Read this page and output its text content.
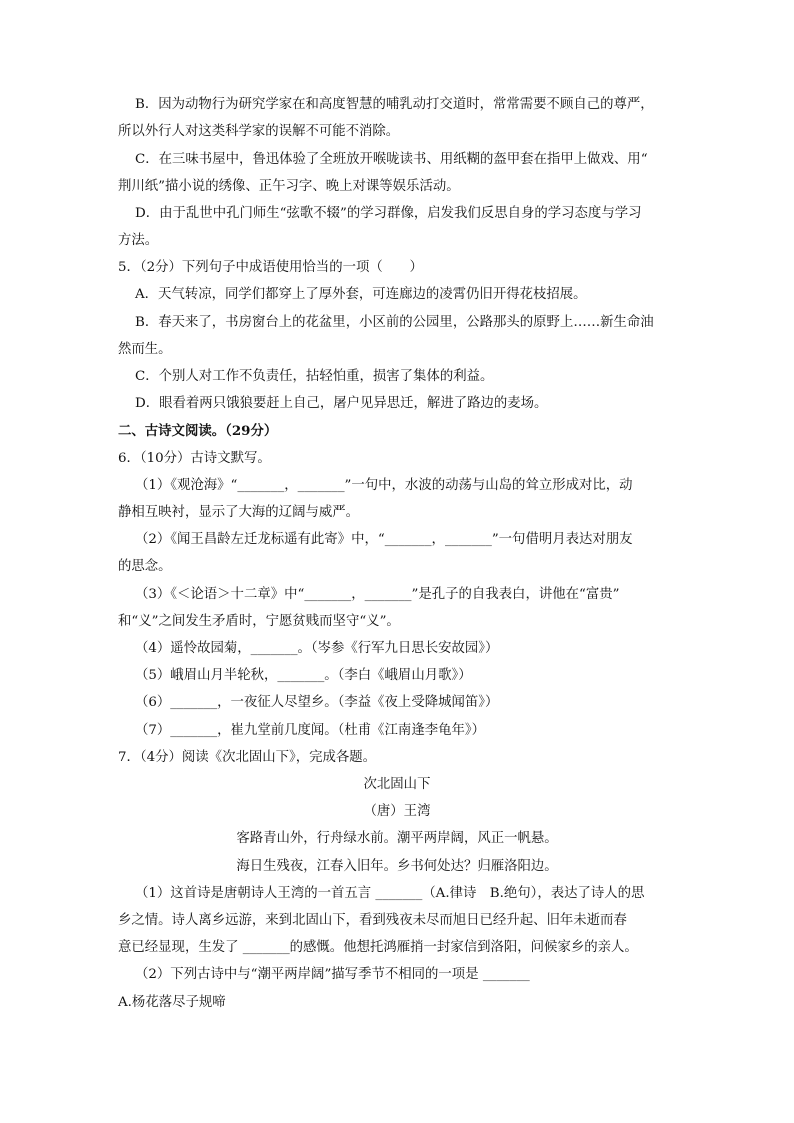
B．因为动物行为研究学家在和高度智慧的哺乳动打交道时，常常需要不顾自己的尊严，
所以外行人对这类科学家的误解不可能不消除。
C．在三味书屋中，鲁迅体验了全班放开喉咙读书、用纸糊的盔甲套在指甲上做戏、用“
荆川纸”描小说的绣像、正午习字、晚上对课等娱乐活动。
D．由于乱世中孔门师生“弦歌不辍”的学习群像，启发我们反思自身的学习态度与学习
方法。
5．（2分）下列句子中成语使用恰当的一项（　　）
A．天气转凉，同学们都穿上了厚外套，可连廊边的凌霄仍旧开得花枝招展。
B．春天来了，书房窗台上的花盆里，小区前的公园里，公路那头的原野上……新生命油
然而生。
C．个别人对工作不负责任，拈轻怕重，损害了集体的利益。
D．眼看着两只饿狼要赶上自己，屠户见异思迁，解进了路边的麦场。
二、古诗文阅读。（29分）
6．（10分）古诗文默写。
（1）《观沧海》“_______，_______”一句中，水波的动荡与山岛的耸立形成对比，动
静相互映衬，显示了大海的辽阔与威严。
（2）《闻王昌龄左迁龙标遥有此寄》中，“_______，_______”一句借明月表达对朋友
的思念。
（3）《＜论语＞十二章》中“_______，_______”是孔子的自我表白，讲他在“富贵”
和“义”之间发生矛盾时，宁愿贫贱而坚守“义”。
（4）遥怜故园菊，_______。（岑参《行军九日思长安故园》）
（5）峨眉山月半轮秋，_______。（李白《峨眉山月歌》）
（6）_______，一夜征人尽望乡。（李益《夜上受降城闻笛》）
（7）_______，崔九堂前几度闻。（杜甫《江南逢李龟年》）
7．（4分）阅读《次北固山下》，完成各题。
次北固山下
（唐）王湾
客路青山外，行舟绿水前。潮平两岸阔，风正一帆悬。
海日生残夜，江春入旧年。乡书何处达？归雁洛阳边。
（1）这首诗是唐朝诗人王湾的一首五言 _______（A.律诗　B.绝句），表达了诗人的思
乡之情。诗人离乡远游，来到北固山下，看到残夜未尽而旭日已经升起、旧年未逝而春
意已经显现，生发了 _______的感慨。他想托鸿雁捎一封家信到洛阳，问候家乡的亲人。
（2）下列古诗中与“潮平两岸阔”描写季节不相同的一项是 _______
A.杨花落尽子规啼
